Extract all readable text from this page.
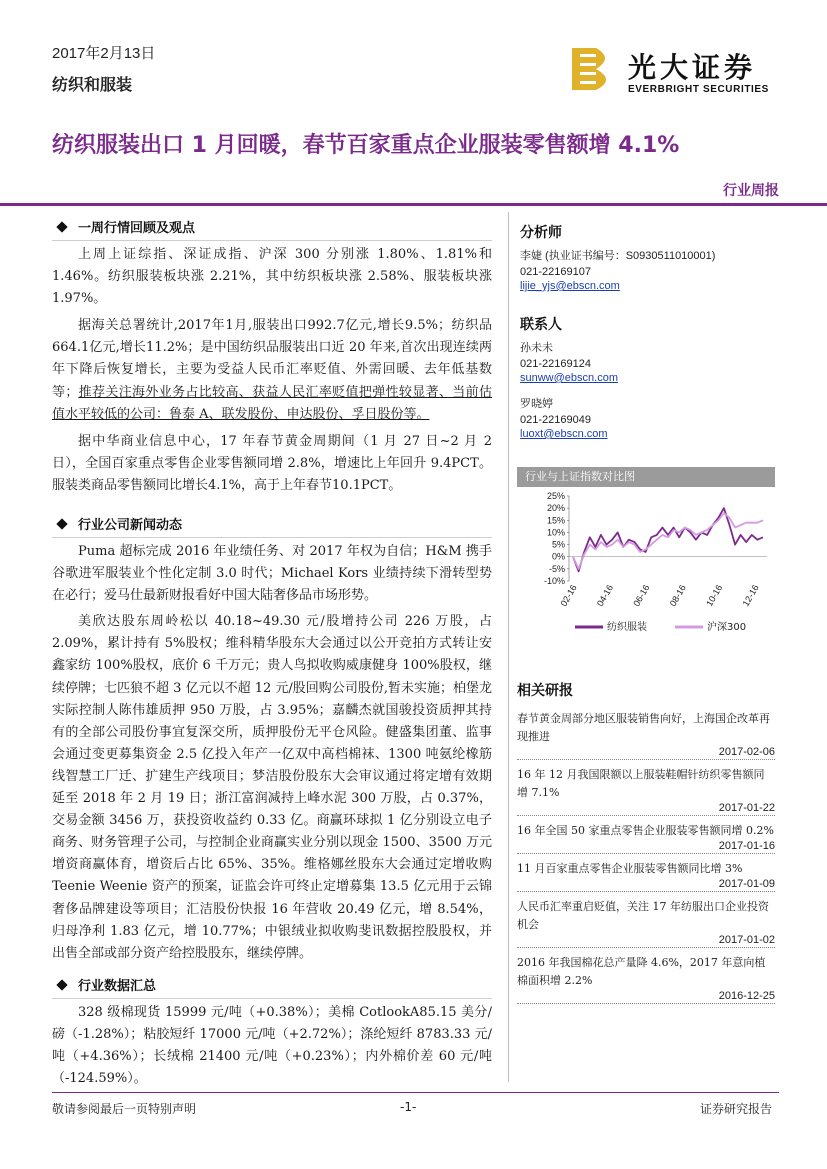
2017年2月13日
纺织和服装
光大证券
EVERBRIGHT SECURITIES
纺织服装出口 1 月回暖，春节百家重点企业服装零售额增 4.1%
行业周报
一周行情回顾及观点

上周上证综指、深证成指、沪深 300 分别涨 1.80%、1.81%和1.46%。纺织服装板块涨 2.21%，其中纺织板块涨 2.58%、服装板块涨 1.97%。

据海关总署统计,2017年1月,服装出口992.7亿元,增长9.5%；纺织品664.1亿元,增长11.2%；是中国纺织品服装出口近 20 年来,首次出现连续两年下降后恢复增长，主要为受益人民币汇率贬值、外需回暖、去年低基数等；推荐关注海外业务占比较高、获益人民汇率贬值把弹性较显著、当前估值水平较低的公司：鲁泰 A、联发股份、申达股份、孚日股份等。

据中华商业信息中心，17 年春节黄金周期间（1 月 27 日~2 月 2 日），全国百家重点零售企业零售额同增 2.8%，增速比上年回升 9.4PCT。服装类商品零售额同比增长4.1%，高于上年春节10.1PCT。

行业公司新闻动态

Puma 超标完成 2016 年业绩任务、对 2017 年权为自信；H&M 携手谷歌进军服装业个性化定制 3.0 时代；Michael Kors 业绩持续下滑转型势在必行；爱马仕最新财报看好中国大陆奢侈品市场形势。

美欣达股东周岭松以 40.18~49.30 元/股增持公司 226 万股，占 2.09%，累计持有 5%股权；维科精华股东大会通过以公开竞拍方式转让安鑫家纺 100%股权，底价 6 千万元；贵人鸟拟收购威康健身 100%股权，继续停牌；七匹狼不超 3 亿元以不超 12 元/股回购公司股份,暂未实施；柏堡龙实际控制人陈伟雄质押 950 万股，占 3.95%；嘉麟杰就国骏投资质押其持有的全部公司股份事宜复深交所，质押股份无平仓风险。健盛集团董、监事会通过变更募集资金 2.5 亿投入年产一亿双中高档棉袜、1300 吨氨纶橡筋线智慧工厂迁、扩建生产线项目；梦洁股份股东大会审议通过将定增有效期延至 2018 年 2 月 19 日；浙江富润减持上峰水泥 300 万股，占 0.37%，交易金额 3456 万，获投资收益约 0.33 亿。商赢环球拟 1 亿分别设立电子商务、财务管理子公司，与控制企业商赢实业分别以现金 1500、3500 万元增资商赢体育，增资后占比 65%、35%。维格娜丝股东大会通过定增收购 Teenie Weenie 资产的预案，证监会许可终止定增募集 13.5 亿元用于云锦奢侈品牌建设等项目；汇洁股份快报 16 年营收 20.49 亿元，增 8.54%，归母净利 1.83 亿元，增 10.77%；中银绒业拟收购斐讯数据控股股权，并出售全部或部分资产给控股股东，继续停牌。

行业数据汇总

328 级棉现货 15999 元/吨（+0.38%）；美棉 CotlookA85.15 美分/磅（-1.28%）；粘胶短纤 17000 元/吨（+2.72%）；涤纶短纤 8783.33 元/吨（+4.36%）；长绒棉 21400 元/吨（+0.23%）；内外棉价差 60 元/吨（-124.59%）。

分析师
李婕 (执业证书编号：S0930511010001)
021-22169107
lijie_yjs@ebscn.com
联系人
孙未未
021-22169124
sunww@ebscn.com
罗晓婷
021-22169049
luoxt@ebscn.com
行业与上证指数对比图
25%
20%
15%
10%
5%
0%
-5%
-10%
02-16 04-16 06-16 08-16 10-16 12-16
纺织服装	沪深300
相关研报
春节黄金周部分地区服装销售向好，上海国企改革再现推进
2017-02-06
16 年 12 月我国限额以上服装鞋帽针纺织零售额同增 7.1%
2017-01-22
16 年全国 50 家重点零售企业服装零售额同增 0.2%
2017-01-16
11 月百家重点零售企业服装零售额同比增 3%
2017-01-09
人民币汇率重启贬值，关注 17 年纺服出口企业投资机会
2017-01-02
2016 年我国棉花总产量降 4.6%，2017 年意向植棉面积增 2.2%
2016-12-25
敬请参阅最后一页特别声明	-1-	证券研究报告
